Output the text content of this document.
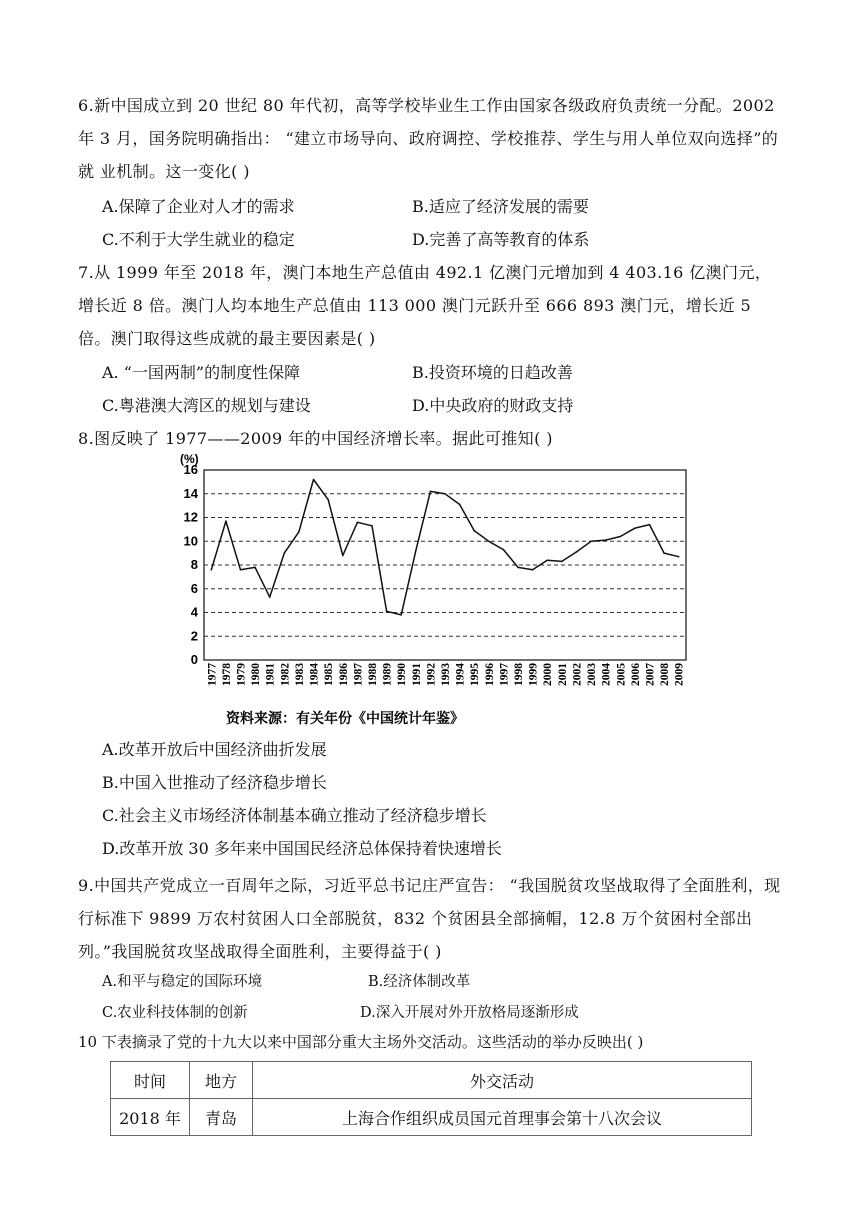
6.新中国成立到 20 世纪 80 年代初，高等学校毕业生工作由国家各级政府负责统一分配。2002 年 3 月，国务院明确指出： “建立市场导向、政府调控、学校推荐、学生与用人单位双向选择”的就 业机制。这一变化( )
A.保障了企业对人才的需求	B.适应了经济发展的需要
C.不利于大学生就业的稳定	D.完善了高等教育的体系
7.从 1999 年至 2018 年，澳门本地生产总值由 492.1 亿澳门元增加到 4 403.16 亿澳门元，增长近 8 倍。澳门人均本地生产总值由 113 000 澳门元跃升至 666 893 澳门元，增长近 5 倍。澳门取得这些成就的最主要因素是( )
A. “一国两制”的制度性保障	B.投资环境的日趋改善
C.粤港澳大湾区的规划与建设	D.中央政府的财政支持
8.图反映了 1977——2009 年的中国经济增长率。据此可推知( )
0
2
4
6
8
10
12
14
16
1977 1978 1979 1980 1981 1982 1983 1984 1985 1986 1987 1988 1989 1990 1991 1992 1993 1994 1995 1996 1997 1998 1999 2000 2001 2002 2003 2004 2005 2006 2007 2008 2009
(%)
资料来源：有关年份《中国统计年鉴》
A.改革开放后中国经济曲折发展
B.中国入世推动了经济稳步增长
C.社会主义市场经济体制基本确立推动了经济稳步增长
D.改革开放 30 多年来中国国民经济总体保持着快速增长
9.中国共产党成立一百周年之际，习近平总书记庄严宣告： “我国脱贫攻坚战取得了全面胜利，现行标准下 9899 万农村贫困人口全部脱贫，832 个贫困县全部摘帽，12.8 万个贫困村全部出列。”我国脱贫攻坚战取得全面胜利，主要得益于( )
A.和平与稳定的国际环境	B.经济体制改革
C.农业科技体制的创新	D.深入开展对外开放格局逐渐形成
10 下表摘录了党的十九大以来中国部分重大主场外交活动。这些活动的举办反映出( )
时间	地方	外交活动
2018 年	青岛	上海合作组织成员国元首理事会第十八次会议
